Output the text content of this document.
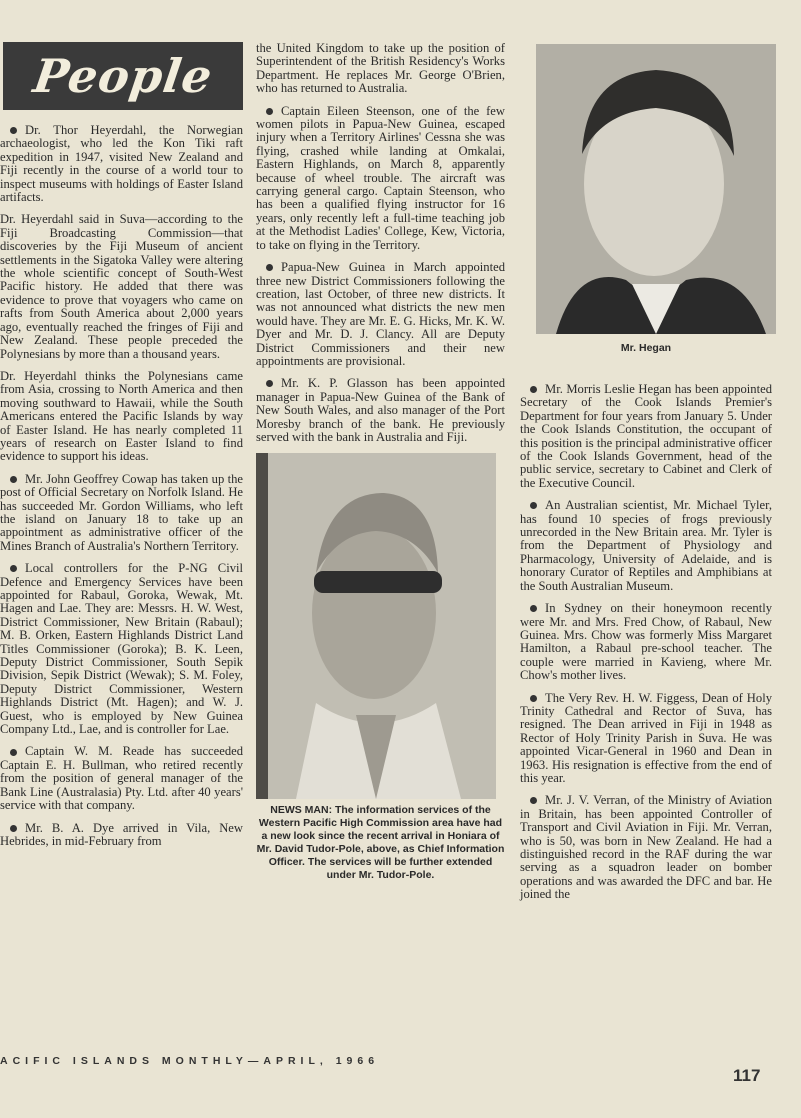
People

Dr. Thor Heyerdahl, the Norwegian archaeologist, who led the Kon Tiki raft expedition in 1947, visited New Zealand and Fiji recently in the course of a world tour to inspect museums with holdings of Easter Island artifacts.

Dr. Heyerdahl said in Suva—according to the Fiji Broadcasting Commission—that discoveries by the Fiji Museum of ancient settlements in the Sigatoka Valley were altering the whole scientific concept of South-West Pacific history. He added that there was evidence to prove that voyagers who came on rafts from South America about 2,000 years ago, eventually reached the fringes of Fiji and New Zealand. These people preceded the Polynesians by more than a thousand years.

Dr. Heyerdahl thinks the Polynesians came from Asia, crossing to North America and then moving southward to Hawaii, while the South Americans entered the Pacific Islands by way of Easter Island. He has nearly completed 11 years of research on Easter Island to find evidence to support his ideas.

Mr. John Geoffrey Cowap has taken up the post of Official Secretary on Norfolk Island. He has succeeded Mr. Gordon Williams, who left the island on January 18 to take up an appointment as administrative officer of the Mines Branch of Australia's Northern Territory.

Local controllers for the P-NG Civil Defence and Emergency Services have been appointed for Rabaul, Goroka, Wewak, Mt. Hagen and Lae. They are: Messrs. H. W. West, District Commissioner, New Britain (Rabaul); M. B. Orken, Eastern Highlands District Land Titles Commissioner (Goroka); B. K. Leen, Deputy District Commissioner, South Sepik Division, Sepik District (Wewak); S. M. Foley, Deputy District Commissioner, Western Highlands District (Mt. Hagen); and W. J. Guest, who is employed by New Guinea Company Ltd., Lae, and is controller for Lae.

Captain W. M. Reade has succeeded Captain E. H. Bullman, who retired recently from the position of general manager of the Bank Line (Australasia) Pty. Ltd. after 40 years' service with that company.

Mr. B. A. Dye arrived in Vila, New Hebrides, in mid-February from

the United Kingdom to take up the position of Superintendent of the British Residency's Works Department. He replaces Mr. George O'Brien, who has returned to Australia.

Captain Eileen Steenson, one of the few women pilots in Papua-New Guinea, escaped injury when a Territory Airlines' Cessna she was flying, crashed while landing at Omkalai, Eastern Highlands, on March 8, apparently because of wheel trouble. The aircraft was carrying general cargo. Captain Steenson, who has been a qualified flying instructor for 16 years, only recently left a full-time teaching job at the Methodist Ladies' College, Kew, Victoria, to take on flying in the Territory.

Papua-New Guinea in March appointed three new District Commissioners following the creation, last October, of three new districts. It was not announced what districts the new men would have. They are Mr. E. G. Hicks, Mr. K. W. Dyer and Mr. D. J. Clancy. All are Deputy District Commissioners and their new appointments are provisional.

Mr. K. P. Glasson has been appointed manager in Papua-New Guinea of the Bank of New South Wales, and also manager of the Port Moresby branch of the bank. He previously served with the bank in Australia and Fiji.

NEWS MAN: The information services of the Western Pacific High Commission area have had a new look since the recent arrival in Honiara of Mr. David Tudor-Pole, above, as Chief Information Officer. The services will be further extended under Mr. Tudor-Pole.

Mr. Hegan

Mr. Morris Leslie Hegan has been appointed Secretary of the Cook Islands Premier's Department for four years from January 5. Under the Cook Islands Constitution, the occupant of this position is the principal administrative officer of the Cook Islands Government, head of the public service, secretary to Cabinet and Clerk of the Executive Council.

An Australian scientist, Mr. Michael Tyler, has found 10 species of frogs previously unrecorded in the New Britain area. Mr. Tyler is from the Department of Physiology and Pharmacology, University of Adelaide, and is honorary Curator of Reptiles and Amphibians at the South Australian Museum.

In Sydney on their honeymoon recently were Mr. and Mrs. Fred Chow, of Rabaul, New Guinea. Mrs. Chow was formerly Miss Margaret Hamilton, a Rabaul pre-school teacher. The couple were married in Kavieng, where Mr. Chow's mother lives.

The Very Rev. H. W. Figgess, Dean of Holy Trinity Cathedral and Rector of Suva, has resigned. The Dean arrived in Fiji in 1948 as Rector of Holy Trinity Parish in Suva. He was appointed Vicar-General in 1960 and Dean in 1963. His resignation is effective from the end of this year.

Mr. J. V. Verran, of the Ministry of Aviation in Britain, has been appointed Controller of Transport and Civil Aviation in Fiji. Mr. Verran, who is 50, was born in New Zealand. He had a distinguished record in the RAF during the war serving as a squadron leader on bomber operations and was awarded the DFC and bar. He joined the

ACIFIC ISLANDS MONTHLY—APRIL, 1966
117
